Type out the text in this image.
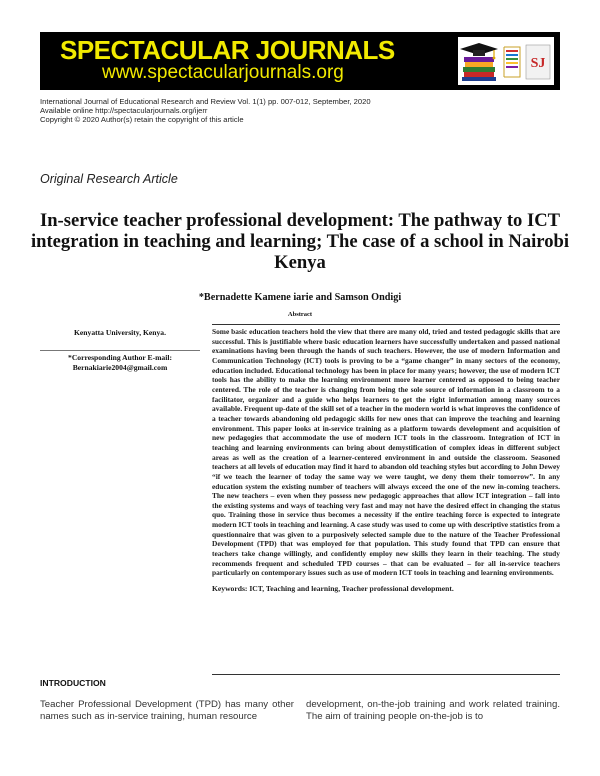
SPECTACULAR JOURNALS
www.spectacularjournals.org	SJ
International Journal of Educational Research and Review Vol. 1(1) pp. 007-012, September, 2020
Available online http://spectacularjournals.org/ijerr
Copyright © 2020 Author(s) retain the copyright of this article
Original Research Article
In-service teacher professional development: The pathway to ICT integration in teaching and learning; The case of a school in Nairobi Kenya
*Bernadette Kamene iarie and Samson Ondigi
Abstract
Kenyatta University, Kenya.
*Corresponding Author E-mail:
Bernakiarie2004@gmail.com

Some basic education teachers hold the view that there are many old, tried and tested pedagogic skills that are successful. This is justifiable where basic education learners have successfully undertaken and passed national examinations having been through the hands of such teachers. However, the use of modern Information and Communication Technology (ICT) tools is proving to be a “game changer” in many sectors of the economy, education included. Educational technology has been in place for many years; however, the use of modern ICT tools has the ability to make the learning environment more learner centered as opposed to being teacher centered. The role of the teacher is changing from being the sole source of information in a classroom to a facilitator, organizer and a guide who helps learners to get the right information among many sources available. Frequent up-date of the skill set of a teacher in the modern world is what improves the confidence of a teacher towards abandoning old pedagogic skills for new ones that can improve the teaching and learning environment. This paper looks at in-service training as a platform towards development and acquisition of new pedagogies that accommodate the use of modern ICT tools in the classroom. Integration of ICT in teaching and learning environments can bring about demystification of complex ideas in different subject areas as well as the creation of a learner-centered environment in and outside the classroom. Seasoned teachers at all levels of education may find it hard to abandon old teaching styles but according to John Dewey “if we teach the learner of today the same way we were taught, we deny them their tomorrow”. In any education system the existing number of teachers will always exceed the one of the new in-coming teachers. The new teachers – even when they possess new pedagogic approaches that allow ICT integration – fall into the existing systems and ways of teaching very fast and may not have the desired effect in changing the status quo. Training those in service thus becomes a necessity if the entire teaching force is expected to integrate modern ICT tools in teaching and learning. A case study was used to come up with descriptive statistics from a questionnaire that was given to a purposively selected sample due to the nature of the Teacher Professional Development (TPD) that was employed for that population. This study found that TPD can ensure that teachers take change willingly, and confidently employ new skills they learn in their teaching. The study recommends frequent and scheduled TPD courses – that can be evaluated – for all in-service teachers particularly on contemporary issues such as use of modern ICT tools in teaching and learning environments.

Keywords: ICT, Teaching and learning, Teacher professional development.
INTRODUCTION
Teacher Professional Development (TPD) has many other names such as in-service training, human resource
development, on-the-job training and work related training. The aim of training people on-the-job is to
